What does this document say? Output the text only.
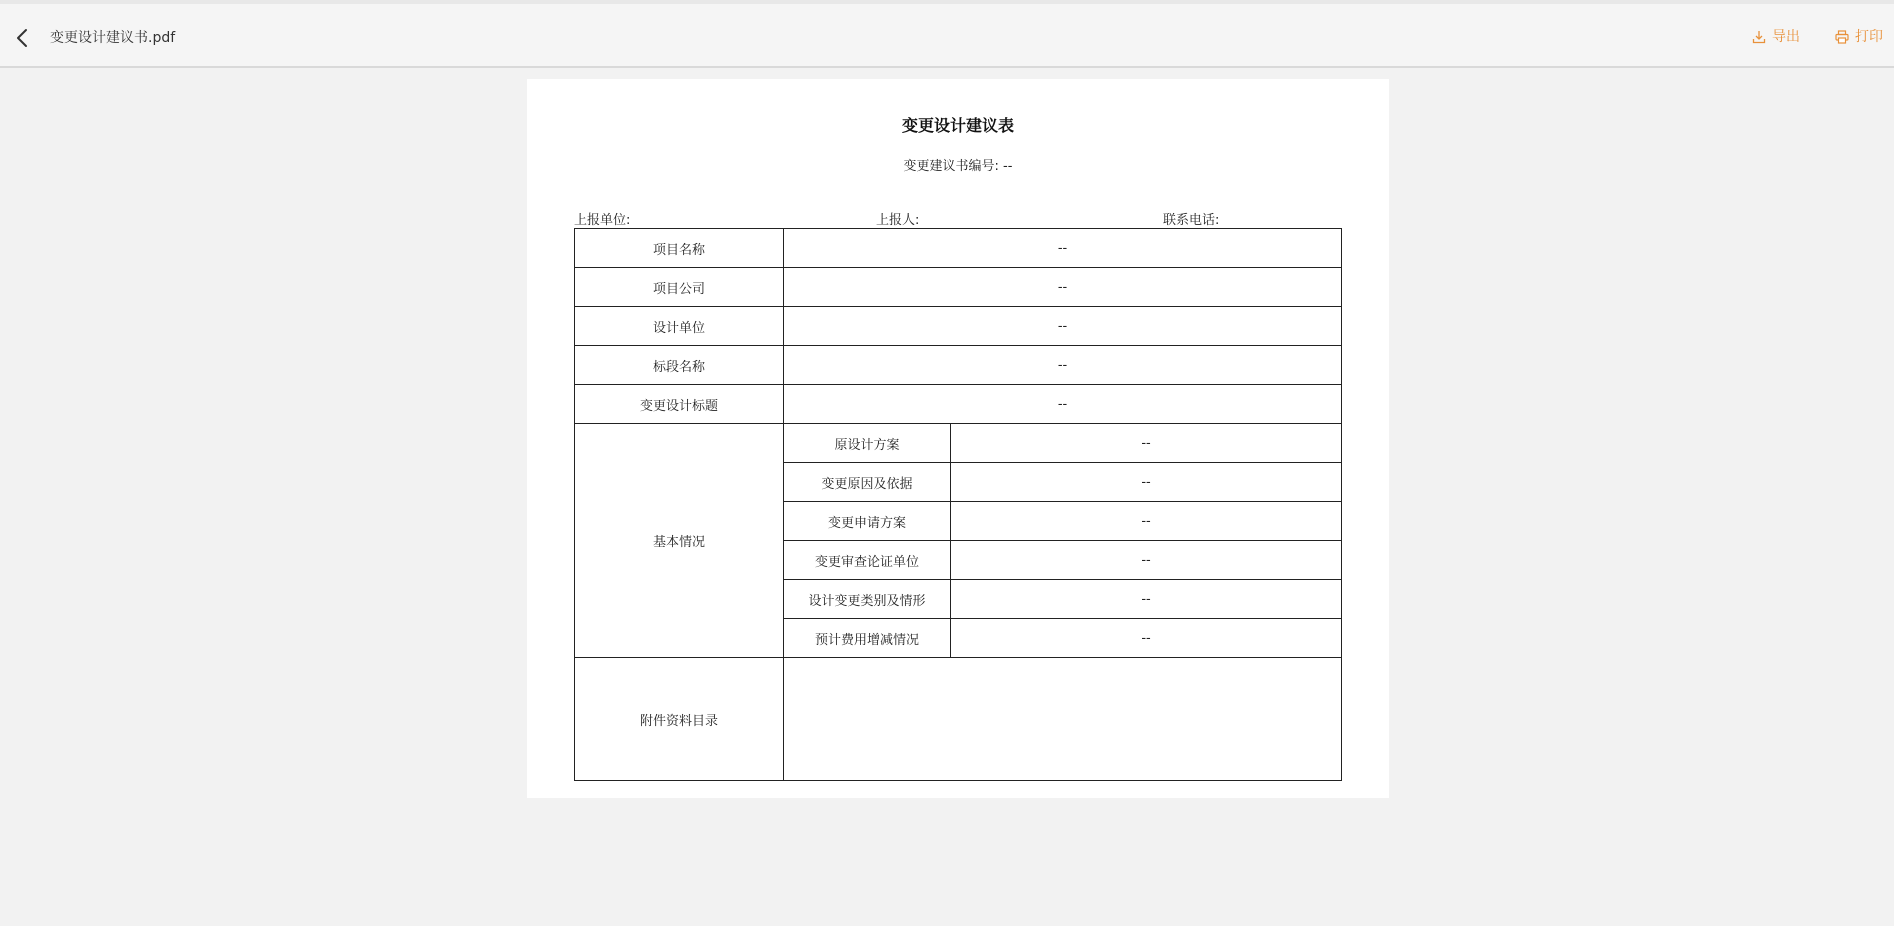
变更设计建议书.pdf	导出	打印
变更设计建议表
变更建议书编号: --
上报单位:	上报人:	联系电话:
项目名称	--	
项目公司	--	
设计单位	--	
标段名称	--	
变更设计标题	--	
基本情况	原设计方案	--
	变更原因及依据	--
	变更申请方案	--
	变更审查论证单位	--
	设计变更类别及情形	--
	预计费用增减情况	--
附件资料目录		
